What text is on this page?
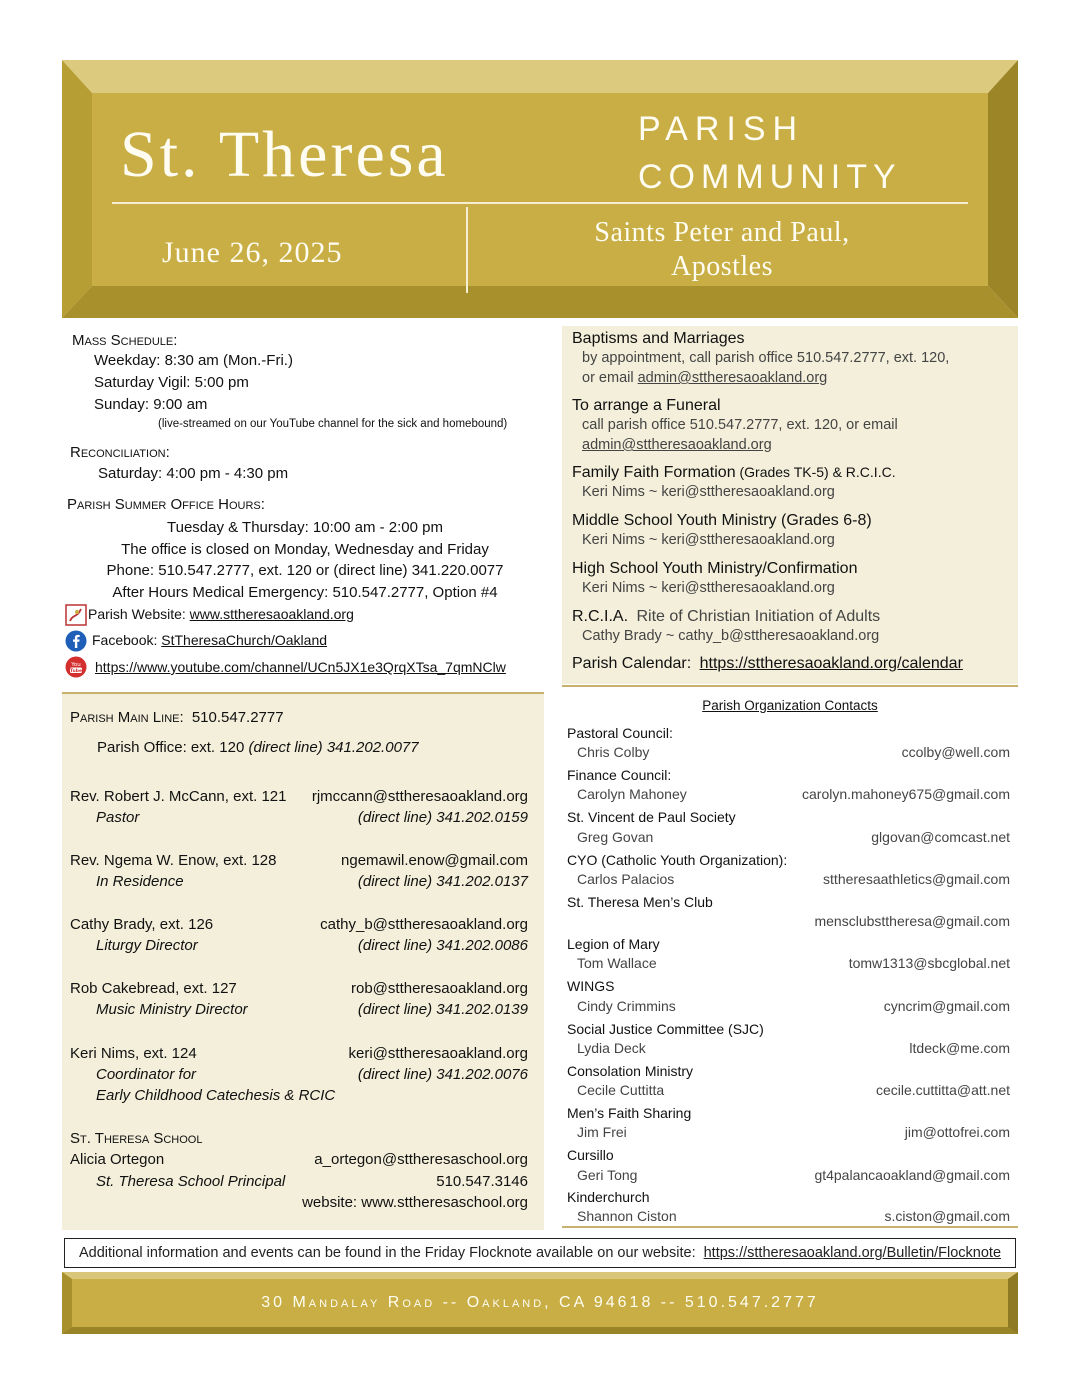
St. Theresa	PARISH
COMMUNITY
June 26, 2025
Saints Peter and Paul,
Apostles
Mass Schedule:
Weekday: 8:30 am (Mon.-Fri.)
Saturday Vigil: 5:00 pm
Sunday: 9:00 am
(live-streamed on our YouTube channel for the sick and homebound)
Reconciliation:
Saturday: 4:00 pm - 4:30 pm
Parish Summer Office Hours:
Tuesday & Thursday: 10:00 am - 2:00 pm
The office is closed on Monday, Wednesday and Friday
Phone: 510.547.2777, ext. 120 or (direct line) 341.220.0077
After Hours Medical Emergency: 510.547.2777, Option #4
Parish Website: www.sttheresaoakland.org
Facebook: StTheresaChurch/Oakland
You
Tube https://www.youtube.com/channel/UCn5JX1e3QrqXTsa_7qmNClw
Baptisms and Marriages
by appointment, call parish office 510.547.2777, ext. 120,
or email admin@sttheresaoakland.org
To arrange a Funeral
call parish office 510.547.2777, ext. 120, or email
admin@sttheresaoakland.org
Family Faith Formation (Grades TK-5) & R.C.I.C.
Keri Nims ~ keri@sttheresaoakland.org
Middle School Youth Ministry (Grades 6-8)
Keri Nims ~ keri@sttheresaoakland.org
High School Youth Ministry/Confirmation
Keri Nims ~ keri@sttheresaoakland.org
R.C.I.A. Rite of Christian Initiation of Adults
Cathy Brady ~ cathy_b@sttheresaoakland.org
Parish Calendar: https://sttheresaoakland.org/calendar
Parish Main Line: 510.547.2777
Parish Office: ext. 120 (direct line) 341.202.0077
Rev. Robert J. McCann, ext. 121 rjmccann@sttheresaoakland.org
Pastor	(direct line) 341.202.0159
Rev. Ngema W. Enow, ext. 128	ngemawil.enow@gmail.com
In Residence	(direct line) 341.202.0137
Cathy Brady, ext. 126	cathy_b@sttheresaoakland.org
Liturgy Director	(direct line) 341.202.0086
Rob Cakebread, ext. 127	rob@sttheresaoakland.org
Music Ministry Director	(direct line) 341.202.0139
Keri Nims, ext. 124	keri@sttheresaoakland.org
Coordinator for	(direct line) 341.202.0076
Early Childhood Catechesis & RCIC
St. Theresa School
Alicia Ortegon	a_ortegon@sttheresaschool.org
St. Theresa School Principal	510.547.3146
website: www.sttheresaschool.org
Parish Organization Contacts
Pastoral Council:
Chris Colby	ccolby@well.com
Finance Council:
Carolyn Mahoney	carolyn.mahoney675@gmail.com
St. Vincent de Paul Society
Greg Govan	glgovan@comcast.net
CYO (Catholic Youth Organization):
Carlos Palacios	sttheresaathletics@gmail.com
St. Theresa Men’s Club
mensclubsttheresa@gmail.com
Legion of Mary
Tom Wallace	tomw1313@sbcglobal.net
WINGS
Cindy Crimmins	cyncrim@gmail.com
Social Justice Committee (SJC)
Lydia Deck	ltdeck@me.com
Consolation Ministry
Cecile Cuttitta	cecile.cuttitta@att.net
Men’s Faith Sharing
Jim Frei	jim@ottofrei.com
Cursillo
Geri Tong	gt4palancaoakland@gmail.com
Kinderchurch
Shannon Ciston	s.ciston@gmail.com
Additional information and events can be found in the Friday Flocknote available on our website: https://sttheresaoakland.org/Bulletin/Flocknote
30 Mandalay Road -- Oakland, CA 94618 -- 510.547.2777
